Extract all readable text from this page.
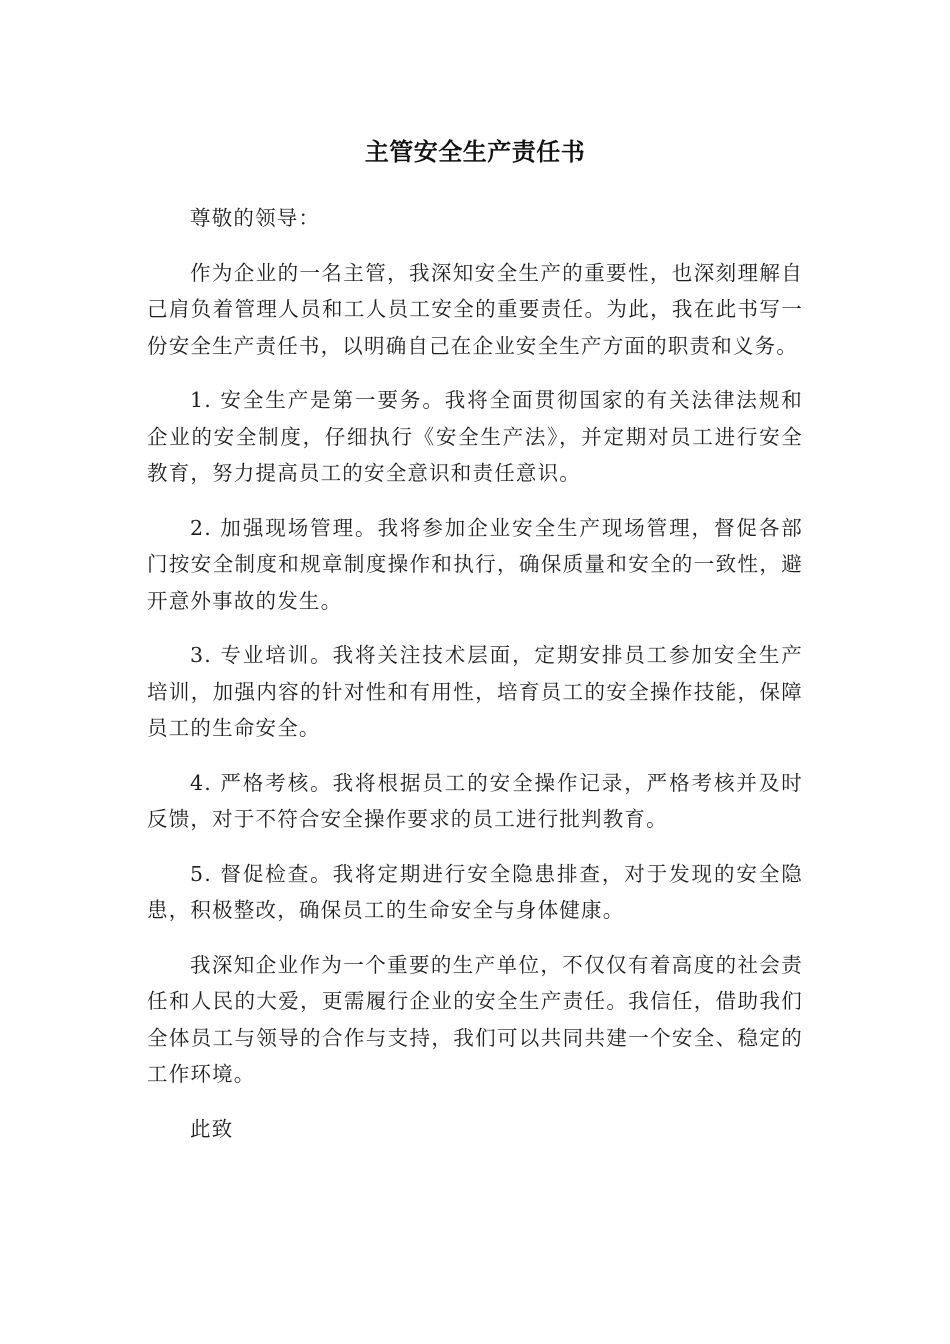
主管安全生产责任书

尊敬的领导：

作为企业的一名主管，我深知安全生产的重要性，也深刻理解自己肩负着管理人员和工人员工安全的重要责任。为此，我在此书写一份安全生产责任书，以明确自己在企业安全生产方面的职责和义务。

1. 安全生产是第一要务。我将全面贯彻国家的有关法律法规和企业的安全制度，仔细执行《安全生产法》，并定期对员工进行安全教育，努力提高员工的安全意识和责任意识。

2. 加强现场管理。我将参加企业安全生产现场管理，督促各部门按安全制度和规章制度操作和执行，确保质量和安全的一致性，避开意外事故的发生。

3. 专业培训。我将关注技术层面，定期安排员工参加安全生产培训，加强内容的针对性和有用性，培育员工的安全操作技能，保障员工的生命安全。

4. 严格考核。我将根据员工的安全操作记录，严格考核并及时反馈，对于不符合安全操作要求的员工进行批判教育。

5. 督促检查。我将定期进行安全隐患排查，对于发现的安全隐患，积极整改，确保员工的生命安全与身体健康。

我深知企业作为一个重要的生产单位，不仅仅有着高度的社会责任和人民的大爱，更需履行企业的安全生产责任。我信任，借助我们全体员工与领导的合作与支持，我们可以共同共建一个安全、稳定的工作环境。

此致
